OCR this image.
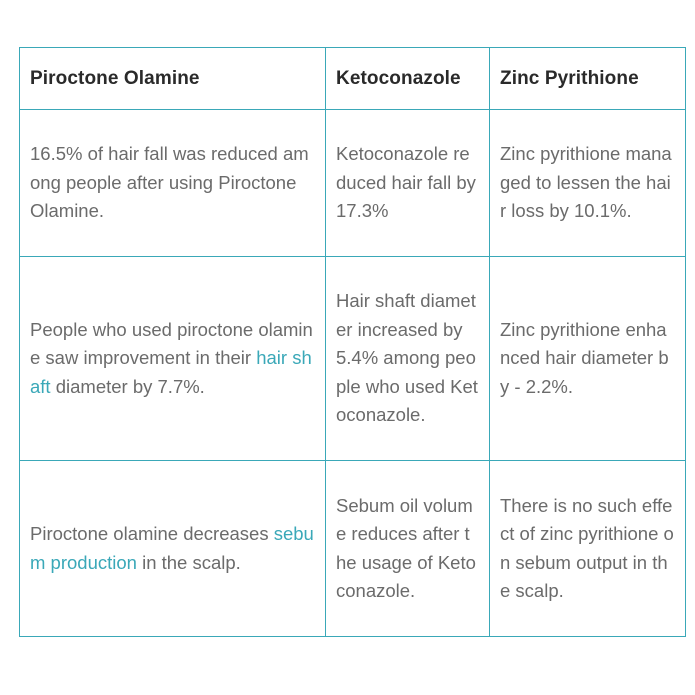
Piroctone Olamine	Ketoconazole	Zinc Pyrithione
16.5% of hair fall was reduced among people after using Piroctone Olamine.	Ketoconazole reduced hair fall by 17.3%	Zinc pyrithione managed to lessen the hair loss by 10.1%.
People who used piroctone olamine saw improvement in their hair shaft diameter by 7.7%.	Hair shaft diameter increased by 5.4% among people who used Ketoconazole.	Zinc pyrithione enhanced hair diameter by - 2.2%.
Piroctone olamine decreases sebum production in the scalp.	Sebum oil volume reduces after the usage of Ketoconazole.	There is no such effect of zinc pyrithione on sebum output in the scalp.
